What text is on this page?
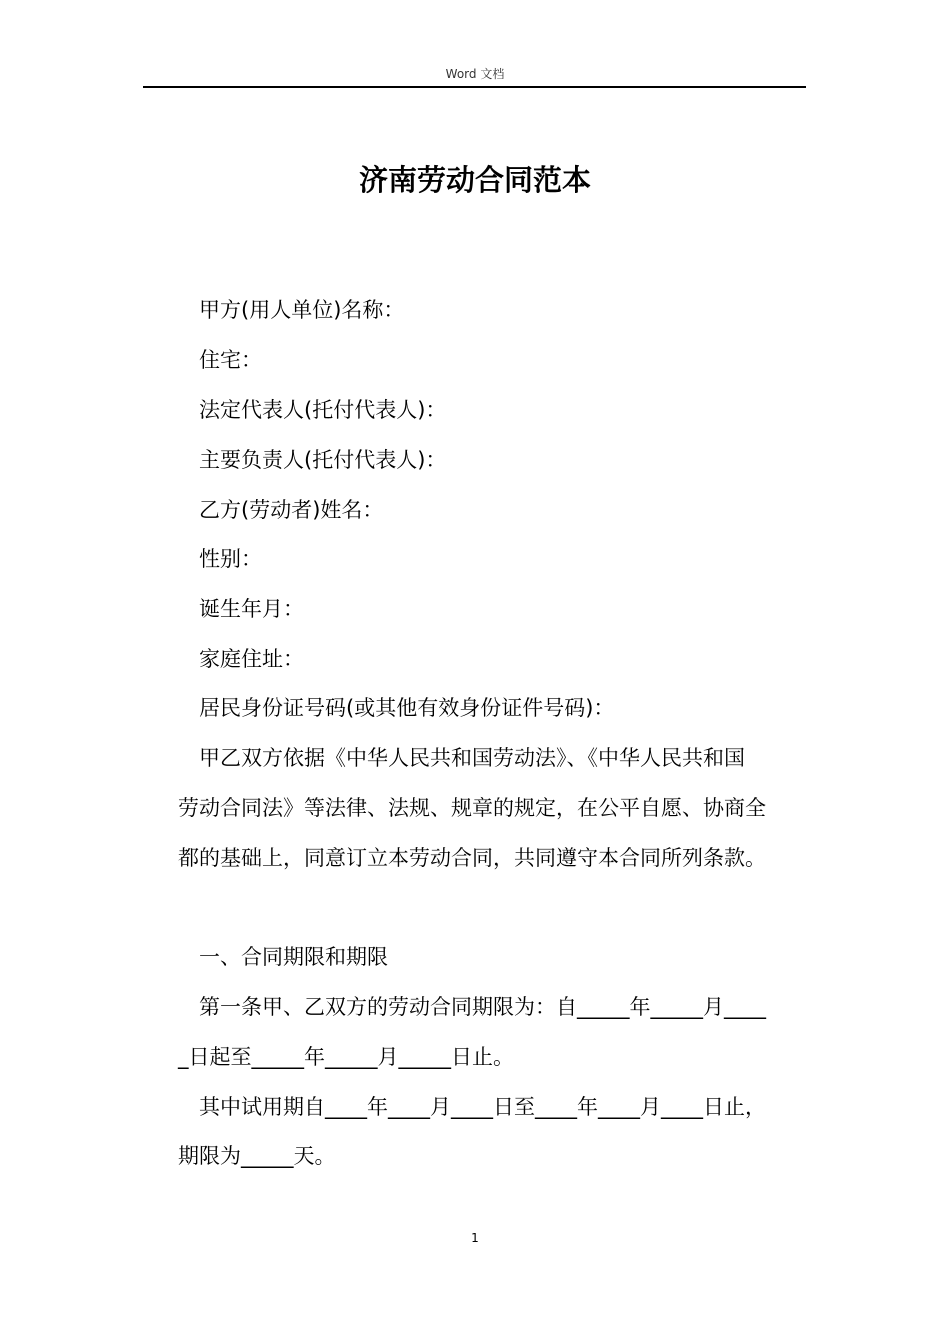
Word 文档
济南劳动合同范本
甲方(用人单位)名称：
住宅：
法定代表人(托付代表人)：
主要负责人(托付代表人)：
乙方(劳动者)姓名：
性别：
诞生年月：
家庭住址：
居民身份证号码(或其他有效身份证件号码)：
甲乙双方依据《中华人民共和国劳动法》、《中华人民共和国
劳动合同法》等法律、法规、规章的规定，在公平自愿、协商全
都的基础上，同意订立本劳动合同，共同遵守本合同所列条款。
一、合同期限和期限
第一条甲、乙双方的劳动合同期限为：自_____年_____月____
_日起至_____年_____月_____日止。
其中试用期自____年____月____日至____年____月____日止，
期限为_____天。
1
